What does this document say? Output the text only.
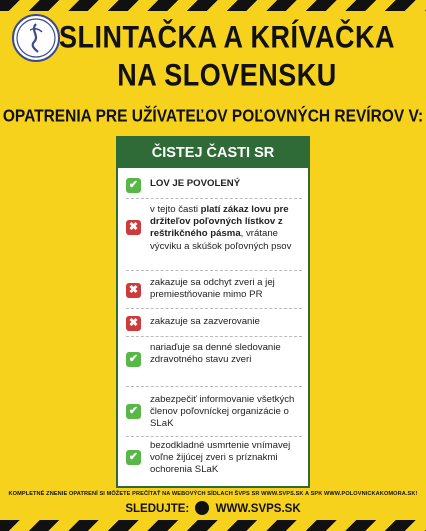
SLINTAČKA A KRÍVAČKA
NA SLOVENSKU
OPATRENIA PRE UŽÍVATEĽOV POĽOVNÝCH REVÍROV V:
ČISTEJ ČASTI SR
✔	LOV JE POVOLENÝ
✖
v tejto časti platí zákaz lovu pre držiteľov poľovných lístkov z reštrikčného pásma, vrátane výcviku a skúšok poľovných psov
✖
zakazuje sa odchyt zveri a jej premiestňovanie mimo PR
✖	zakazuje sa zazverovanie
✔
nariaďuje sa denné sledovanie zdravotného stavu zveri
✔
zabezpečiť informovanie všetkých členov poľovníckej organizácie o SLaK
✔
bezodkladné usmrtenie vnímavej voľne žijúcej zveri s príznakmi ochorenia SLaK
KOMPLETNÉ ZNENIE OPATRENÍ SI MÔŽETE PREČÍTAŤ NA WEBOVÝCH SÍDLACH ŠVPS SR WWW.SVPS.SK A SPK WWW.POLOVNICKAKOMORA.SK!
SLEDUJTE: WWW.SVPS.SK
